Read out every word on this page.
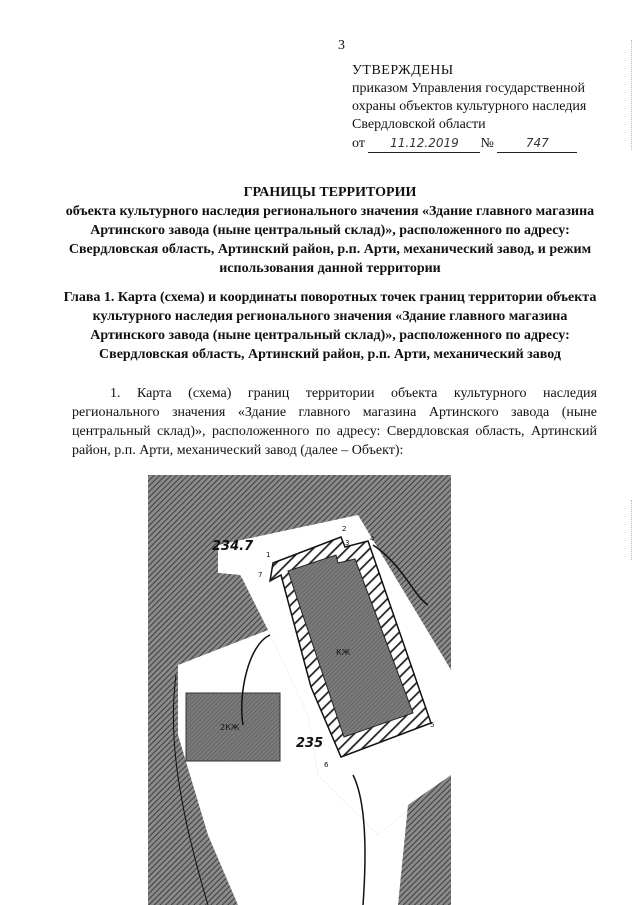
3
УТВЕРЖДЕНЫ
приказом Управления государственной
охраны объектов культурного наследия
Свердловской области
от 11.12.2019 №	747
ГРАНИЦЫ ТЕРРИТОРИИ
объекта культурного наследия регионального значения «Здание главного магазина Артинского завода (ныне центральный склад)», расположенного по адресу: Свердловская область, Артинский район, р.п. Арти, механический завод, и режим использования данной территории
Глава 1. Карта (схема) и координаты поворотных точек границ территории объекта культурного наследия регионального значения «Здание главного магазина Артинского завода (ныне центральный склад)», расположенного по адресу: Свердловская область, Артинский район, р.п. Арти, механический завод
1. Карта (схема) границ территории объекта культурного наследия регионального значения «Здание главного магазина Артинского завода (ныне центральный склад)», расположенного по адресу: Свердловская область, Артинский район, р.п. Арти, механический завод (далее – Объект):
234.7
235
1
2
3	4
5
6
7
КЖ
2КЖ
